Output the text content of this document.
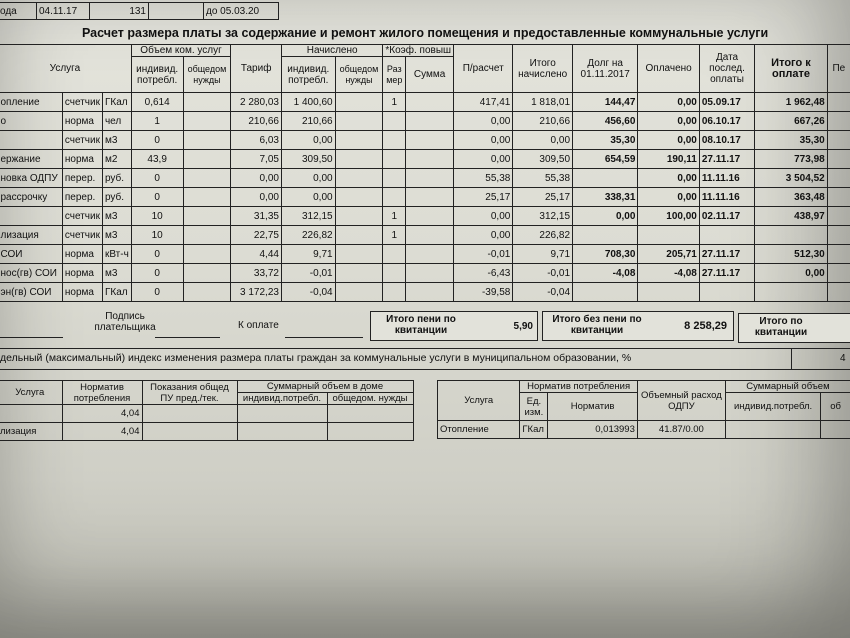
ода	04.11.17	131		до 05.03.20
Расчет размера платы за содержание и ремонт жилого помещения и предоставленные коммунальные услуги
Услуга			Объем ком. услуг		Тариф	Начислено		*Коэф. повыш		П/расчет	Итого начислено	Долг на 01.11.2017	Оплачено	Дата послед. оплаты	Итого к оплате	Пе
			индивид. потребл.	общедом нужды		индивид. потребл.	общедом нужды	Раз мер	Сумма							
опление	счетчик	ГКал	0,614		2 280,03	1 400,60		1		417,41	1 818,01	144,47	0,00	05.09.17	1 962,48	
о	норма	чел	1		210,66	210,66				0,00	210,66	456,60	0,00	06.10.17	667,26	
	счетчик	м3	0		6,03	0,00				0,00	0,00	35,30	0,00	08.10.17	35,30	
ержание	норма	м2	43,9		7,05	309,50				0,00	309,50	654,59	190,11	27.11.17	773,98	
новка ОДПУ	перер.	руб.	0		0,00	0,00				55,38	55,38		0,00	11.11.16	3 504,52	
рассрочку	перер.	руб.	0		0,00	0,00				25,17	25,17	338,31	0,00	11.11.16	363,48	
	счетчик	м3	10		31,35	312,15		1		0,00	312,15	0,00	100,00	02.11.17	438,97	
лизация	счетчик	м3	10		22,75	226,82		1		0,00	226,82					
СОИ	норма	кВт-ч	0		4,44	9,71				-0,01	9,71	708,30	205,71	27.11.17	512,30	
нос(гв) СОИ	норма	м3	0		33,72	-0,01				-6,43	-0,01	-4,08	-4,08	27.11.17	0,00	
эн(гв) СОИ	норма	ГКал	0		3 172,23	-0,04				-39,58	-0,04					
Подпись плательщика	К оплате
Итого пени по квитанции	5,90
Итого без пени по квитанции	8 258,29	Итого по квитанции
дельный (максимальный) индекс изменения размера платы граждан за коммунальные услуги в муниципальном образовании, %	4
Услуга	Норматив потребления	Показания общед ПУ пред./тек.	Суммарный объем в доме	
			индивид.потребл.	общедом. нужды
	4,04			
лизация	4,04			
Услуга	Норматив потребления		Объемный расход ОДПУ	Суммарный объем	
	Ед. изм.	Норматив		индивид.потребл.	об
Отопление	ГКал	0,013993	41.87/0.00		
